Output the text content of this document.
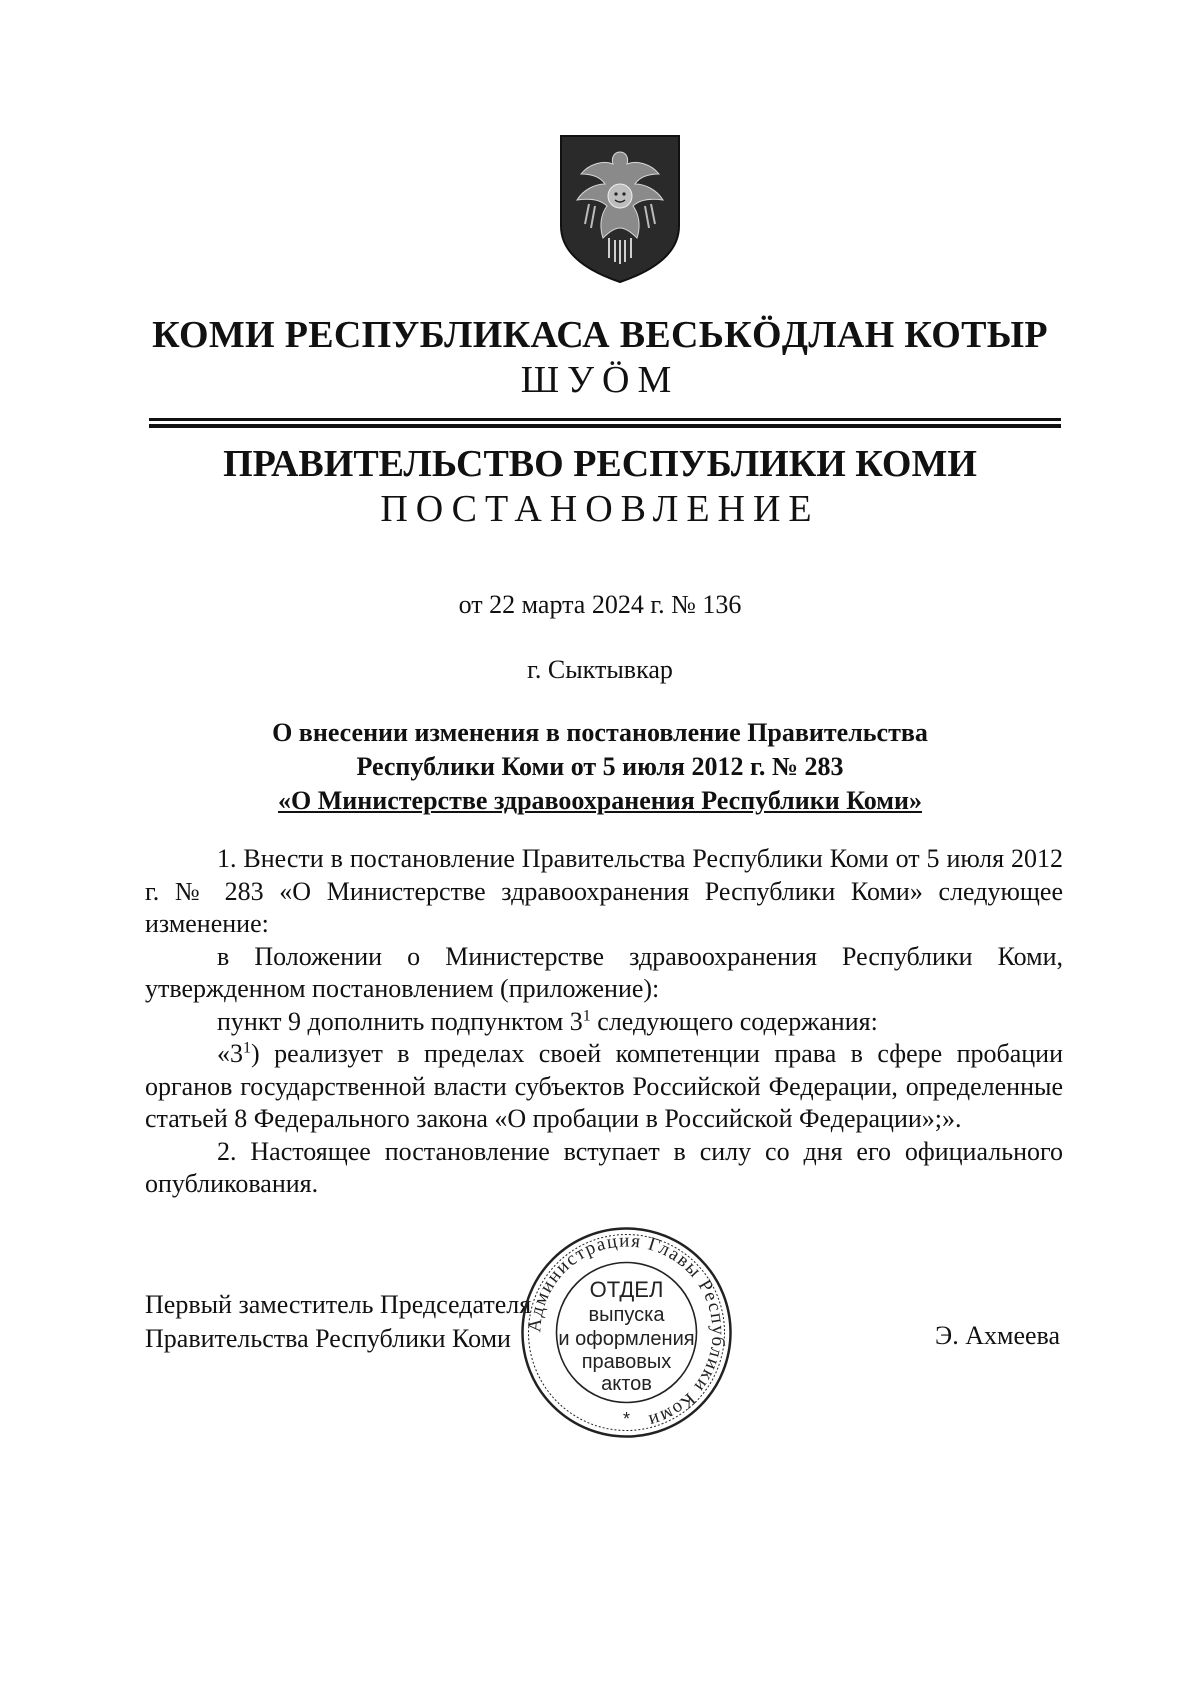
КОМИ РЕСПУБЛИКАСА ВЕСЬКӦДЛАН КОТЫР
ШУӦМ
ПРАВИТЕЛЬСТВО РЕСПУБЛИКИ КОМИ
ПОСТАНОВЛЕНИЕ
от 22 марта 2024 г. № 136
г. Сыктывкар
О внесении изменения в постановление Правительства
Республики Коми от 5 июля 2012 г. № 283
«О Министерстве здравоохранения Республики Коми»

1. Внести в постановление Правительства Республики Коми от 5 июля 2012 г. № 283 «О Министерстве здравоохранения Республики Коми» следующее изменение:

в Положении о Министерстве здравоохранения Республики Коми, утвержденном постановлением (приложение):

пункт 9 дополнить подпунктом $3^1$ следующего содержания:

«$3^1$) реализует в пределах своей компетенции права в сфере пробации органов государственной власти субъектов Российской Федерации, определенные статьей 8 Федерального закона «О пробации в Российской Федерации»;».

2. Настоящее постановление вступает в силу со дня его официального опубликования.

Первый заместитель Председателя
Правительства Республики Коми	Э. Ахмеева
Администрация Главы Республики Коми
ОТДЕЛ
выпуска
и оформления
правовых
актов
*
